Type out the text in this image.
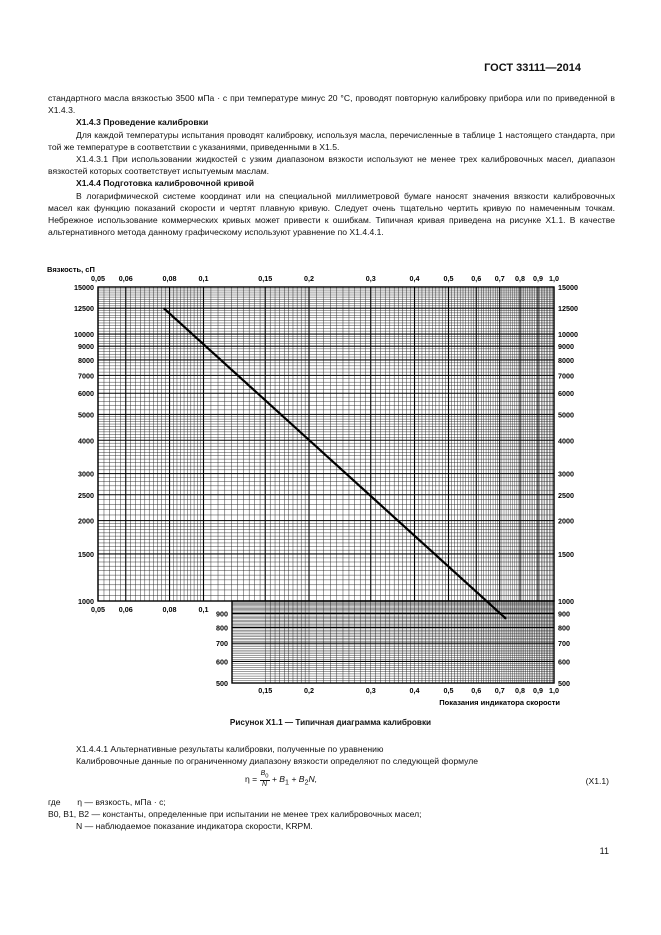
ГОСТ 33111—2014

стандартного масла вязкостью 3500 мПа · с при температуре минус 20 °С, проводят повторную калибровку прибора или по приведенной в Х1.4.3.

Х1.4.3 Проведение калибровки

Для каждой температуры испытания проводят калибровку, используя масла, перечисленные в таблице 1 настоящего стандарта, при той же температуре в соответствии с указаниями, приведенными в Х1.5.

Х1.4.3.1 При использовании жидкостей с узким диапазоном вязкости используют не менее трех калибровочных масел, диапазон вязкостей которых соответствует испытуемым маслам.

Х1.4.4 Подготовка калибровочной кривой

В логарифмической системе координат или на специальной миллиметровой бумаге наносят значения вязкости калибровочных масел как функцию показаний скорости и чертят плавную кривую. Следует очень тщательно чертить кривую по намеченным точкам. Небрежное использование коммерческих кривых может привести к ошибкам. Типичная кривая приведена на рисунке Х1.1. В качестве альтернативного метода данному графическому используют уравнение по Х1.4.4.1.

Вязкость, сП
Показания индикатора скорости
0,05 0,06	0,08	0,1	0,15	0,2	0,3	0,4	0,5 0,6 0,7 0,8 0,9 1,0
0,05 0,06	0,08	0,1
0,15	0,2	0,3	0,4	0,5 0,6 0,7 0,8 0,9 1,0
1000	1000
1500	1500
2000	2000
2500	2500
3000	3000
4000	4000
5000	5000
6000	6000
7000	7000
8000	8000
9000	9000
10000	10000
12500	12500
15000	15000
500	500
600	600
700	700
800	800
900	900
Рисунок Х1.1 — Типичная диаграмма калибровки

Х1.4.4.1 Альтернативные результаты калибровки, полученные по уравнению

Калибровочные данные по ограниченному диапазону вязкости определяют по следующей формуле

$\eta = \frac{B_0}{N} + B_1 + B_2N$,	(Х1.1)
где η — вязкость, мПа · с;
B0, B1, B2 — константы, определенные при испытании не менее трех калибровочных масел;
N — наблюдаемое показание индикатора скорости, KRPM.
11
